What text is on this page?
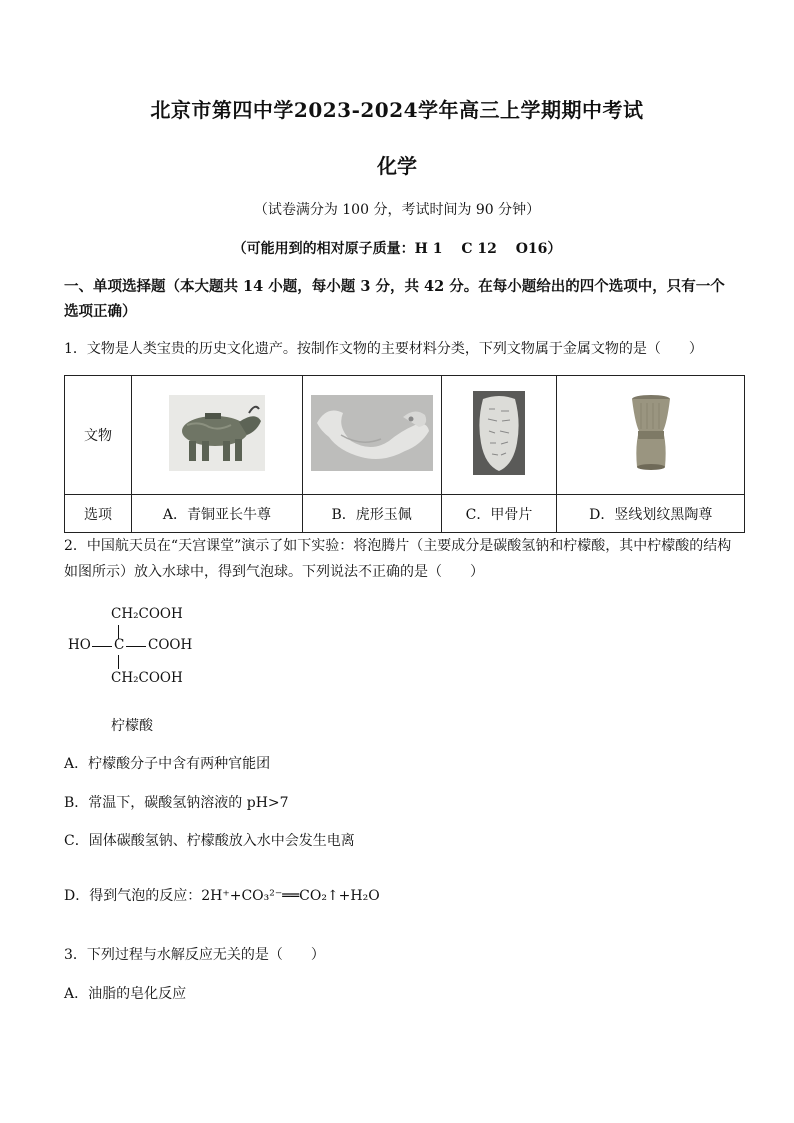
北京市第四中学2023-2024学年高三上学期期中考试
化学
（试卷满分为 100 分，考试时间为 90 分钟）
（可能用到的相对原子质量：H 1　 C 12　 O16）
一、单项选择题（本大题共 14 小题，每小题 3 分，共 42 分。在每小题给出的四个选项中，只有一个选项正确）
1．文物是人类宝贵的历史文化遗产。按制作文物的主要材料分类，下列文物属于金属文物的是（　　）
文物				
选项	A．青铜亚长牛尊	B．虎形玉佩	C．甲骨片	D．竖线划纹黑陶尊
2．中国航天员在“天宫课堂”演示了如下实验：将泡腾片（主要成分是碳酸氢钠和柠檬酸，其中柠檬酸的结构如图所示）放入水球中，得到气泡球。下列说法不正确的是（　　）
CH₂COOH
HO C COOH
CH₂COOH
柠檬酸
A．柠檬酸分子中含有两种官能团
B．常温下，碳酸氢钠溶液的 pH>7
C．固体碳酸氢钠、柠檬酸放入水中会发生电离
D．得到气泡的反应：2H⁺+CO₃²⁻══CO₂↑+H₂O
3．下列过程与水解反应无关的是（　　）
A．油脂的皂化反应
